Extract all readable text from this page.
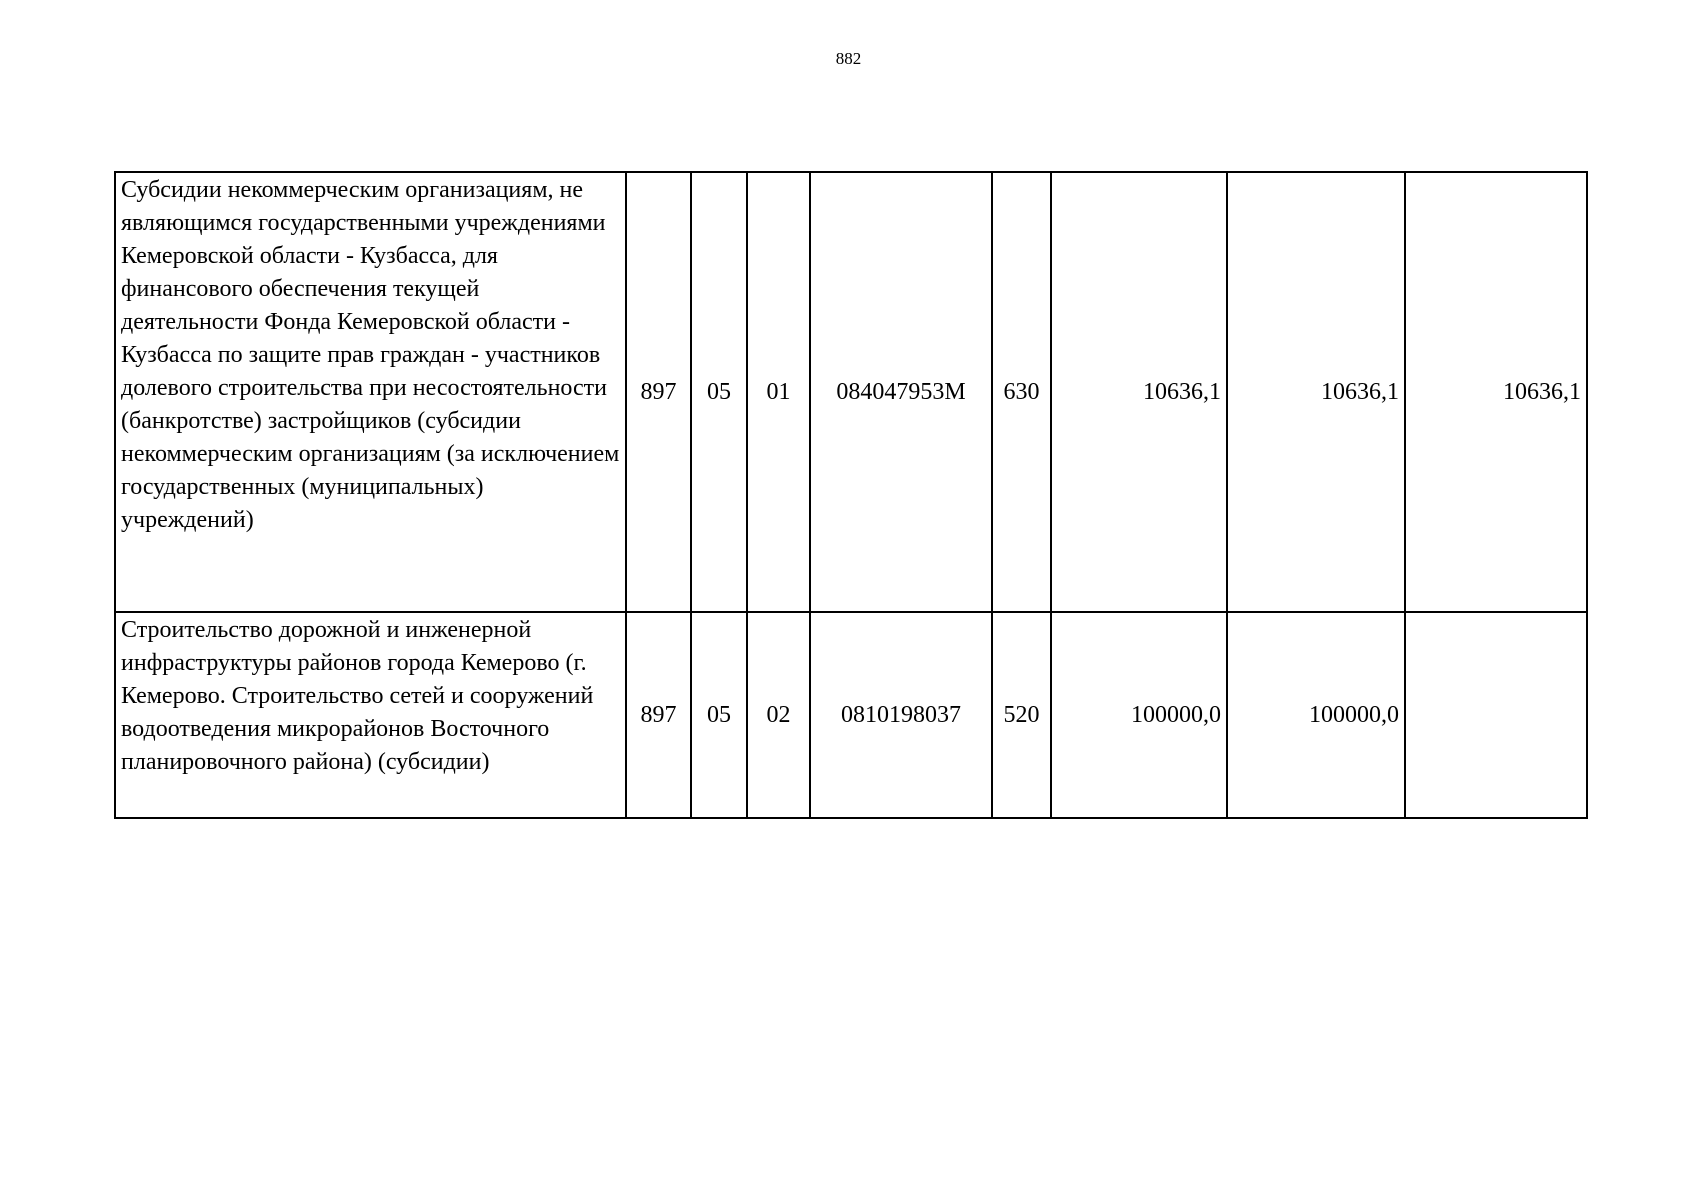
882
Субсидии некоммерческим организациям, не являющимся государственными учреждениями Кемеровской области - Кузбасса, для финансового обеспечения текущей деятельности Фонда Кемеровской области - Кузбасса по защите прав граждан - участников долевого строительства при несостоятельности (банкротстве) застройщиков (субсидии некоммерческим организациям (за исключением государственных (муниципальных) учреждений)	897	05	01	084047953М	630	10636,1	10636,1	10636,1
Строительство дорожной и инженерной инфраструктуры районов города Кемерово (г. Кемерово. Строительство сетей и сооружений водоотведения микрорайонов Восточного планировочного района) (субсидии)	897	05	02	0810198037	520	100000,0	100000,0	
